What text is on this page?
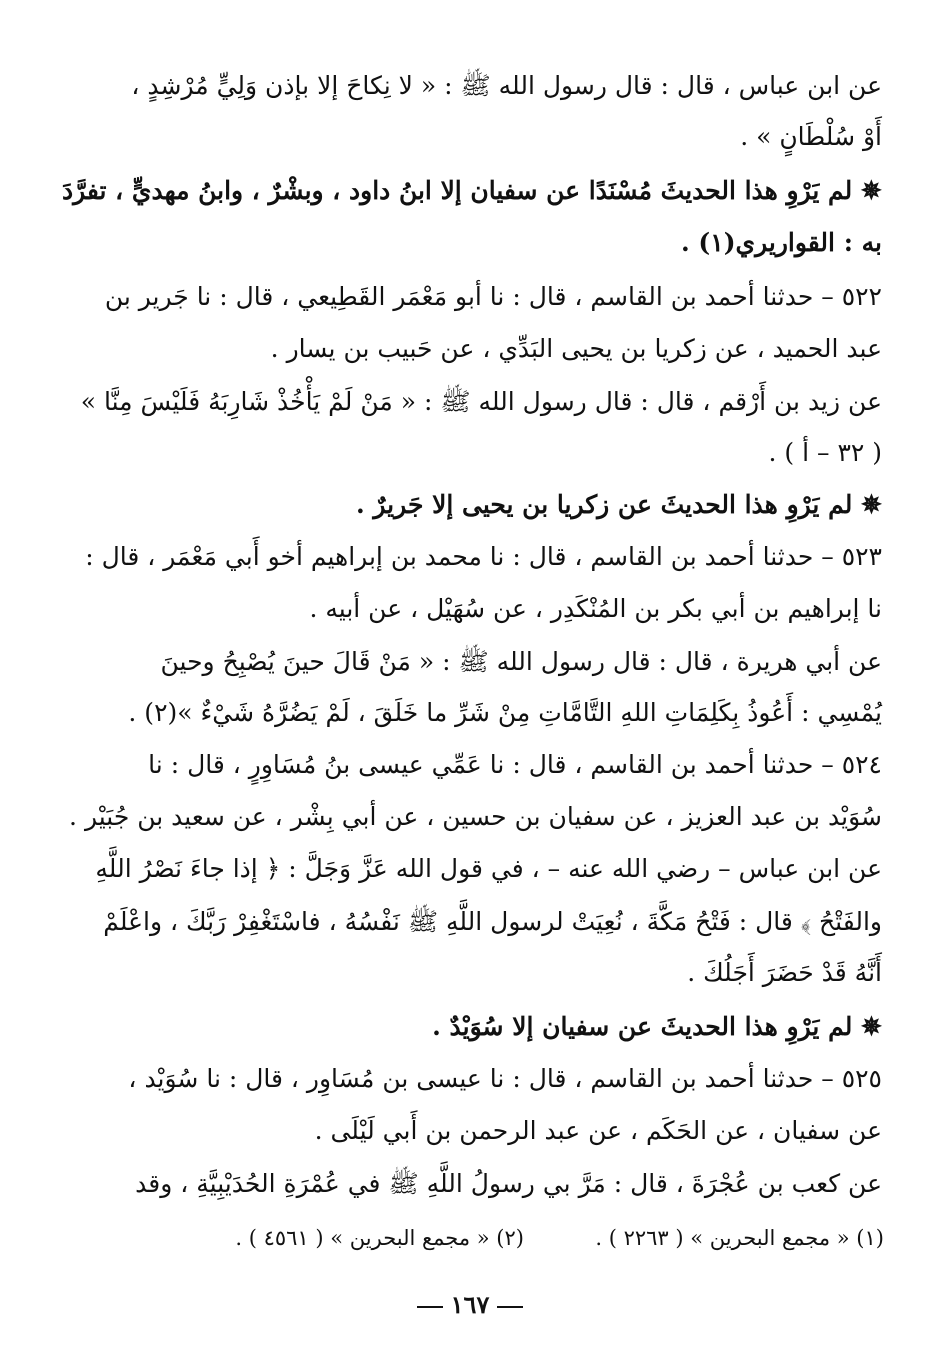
عن ابن عباس ، قال : قال رسول الله ﷺ : « لا نِكاحَ إلا بإذن وَلِيٍّ مُرْشِدٍ ،
أَوْ سُلْطَانٍ » .
✵ لم يَرْوِ هذا الحديثَ مُسْنَدًا عن سفيان إلا ابنُ داود ، وبشْرٌ ، وابنُ مهديٍّ ، تفرَّدَ
به : القواريري(١) .
٥٢٢ – حدثنا أحمد بن القاسم ، قال : نا أبو مَعْمَر القَطِيعي ، قال : نا جَرير بن
عبد الحميد ، عن زكريا بن يحيى البَدِّي ، عن حَبيب بن يسار .
عن زيد بن أَرْقم ، قال : قال رسول الله ﷺ : « مَنْ لَمْ يَأْخُذْ شَارِبَهُ فَلَيْسَ مِنَّا »
( ٣٢ – أ ) .
✵ لم يَرْوِ هذا الحديثَ عن زكريا بن يحيى إلا جَريرٌ .
٥٢٣ – حدثنا أحمد بن القاسم ، قال : نا محمد بن إبراهيم أخو أَبي مَعْمَر ، قال :
نا إبراهيم بن أبي بكر بن المُنْكَدِر ، عن سُهَيْل ، عن أبيه .
عن أبي هريرة ، قال : قال رسول الله ﷺ : « مَنْ قَالَ حينَ يُصْبِحُ وحينَ
يُمْسِي : أَعُوذُ بِكَلِمَاتِ اللهِ التَّامَّاتِ مِنْ شَرِّ ما خَلَقَ ، لَمْ يَضُرَّهُ شَيْءٌ »(٢) .
٥٢٤ – حدثنا أحمد بن القاسم ، قال : نا عَمِّي عيسى بنُ مُسَاوِرٍ ، قال : نا
سُوَيْد بن عبد العزيز ، عن سفيان بن حسين ، عن أبي بِشْر ، عن سعيد بن جُبَيْر .
عن ابن عباس – رضي الله عنه – ، في قول الله عَزَّ وَجَلَّ : ﴿ إذا جاءَ نَصْرُ اللَّهِ
والفَتْحُ ﴾ قال : فَتْحُ مَكَّةَ ، نُعِيَتْ لرسول اللَّهِ ﷺ نَفْسُهُ ، فاسْتَغْفِرْ رَبَّكَ ، واعْلَمْ
أَنَّهُ قَدْ حَضَرَ أَجَلُكَ .
✵ لم يَرْوِ هذا الحديثَ عن سفيان إلا سُوَيْدٌ .
٥٢٥ – حدثنا أحمد بن القاسم ، قال : نا عيسى بن مُسَاوِر ، قال : نا سُوَيْد ،
عن سفيان ، عن الحَكَم ، عن عبد الرحمن بن أَبي لَيْلَى .
عن كعب بن عُجْرَةَ ، قال : مَرَّ بي رسولُ اللَّهِ ﷺ في عُمْرَةِ الحُدَيْبِيَّةِ ، وقد
(١) « مجمع البحرين » ( ٢٢٦٣ ) .
(٢) « مجمع البحرين » ( ٤٥٦١ ) .
١٦٧
